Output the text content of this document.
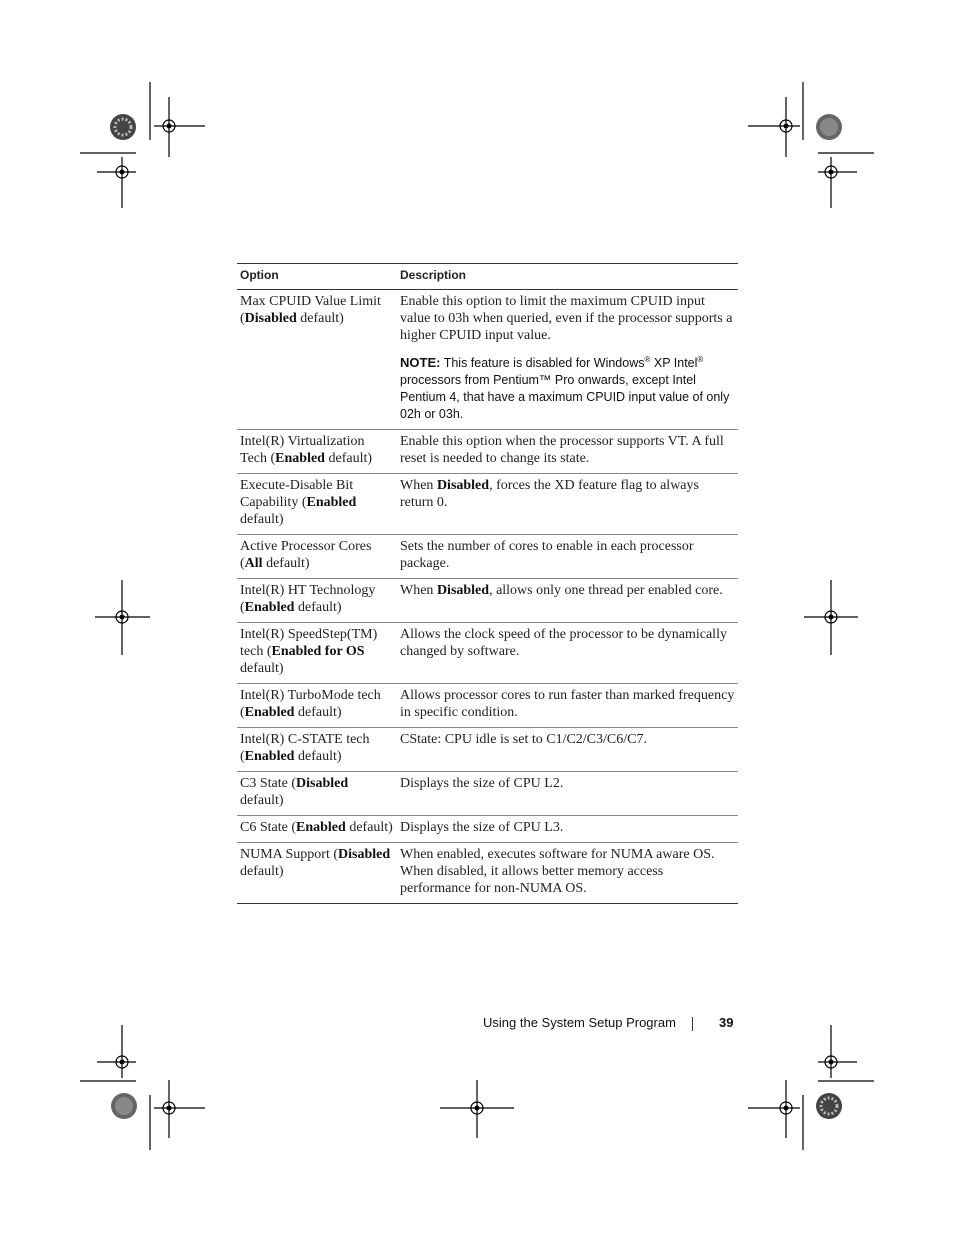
Option	Description
Max CPUID Value Limit (Disabled default)	Enable this option to limit the maximum CPUID input value to 03h when queried, even if the processor supports a higher CPUID input value.
NOTE: This feature is disabled for Windows® XP Intel® processors from Pentium™ Pro onwards, except Intel Pentium 4, that have a maximum CPUID input value of only 02h or 03h.

Intel(R) Virtualization Tech (Enabled default)	Enable this option when the processor supports VT. A full reset is needed to change its state.
Execute-Disable Bit Capability (Enabled default)	When Disabled, forces the XD feature flag to always return 0.
Active Processor Cores (All default)	Sets the number of cores to enable in each processor package.
Intel(R) HT Technology (Enabled default)	When Disabled, allows only one thread per enabled core.
Intel(R) SpeedStep(TM) tech (Enabled for OS default)	Allows the clock speed of the processor to be dynamically changed by software.
Intel(R) TurboMode tech (Enabled default)	Allows processor cores to run faster than marked frequency in specific condition.
Intel(R) C-STATE tech (Enabled default)	CState: CPU idle is set to C1/C2/C3/C6/C7.
C3 State (Disabled default)	Displays the size of CPU L2.
C6 State (Enabled default)	Displays the size of CPU L3.
NUMA Support (Disabled default)	When enabled, executes software for NUMA aware OS. When disabled, it allows better memory access performance for non-NUMA OS.
Using the System Setup Program	39
